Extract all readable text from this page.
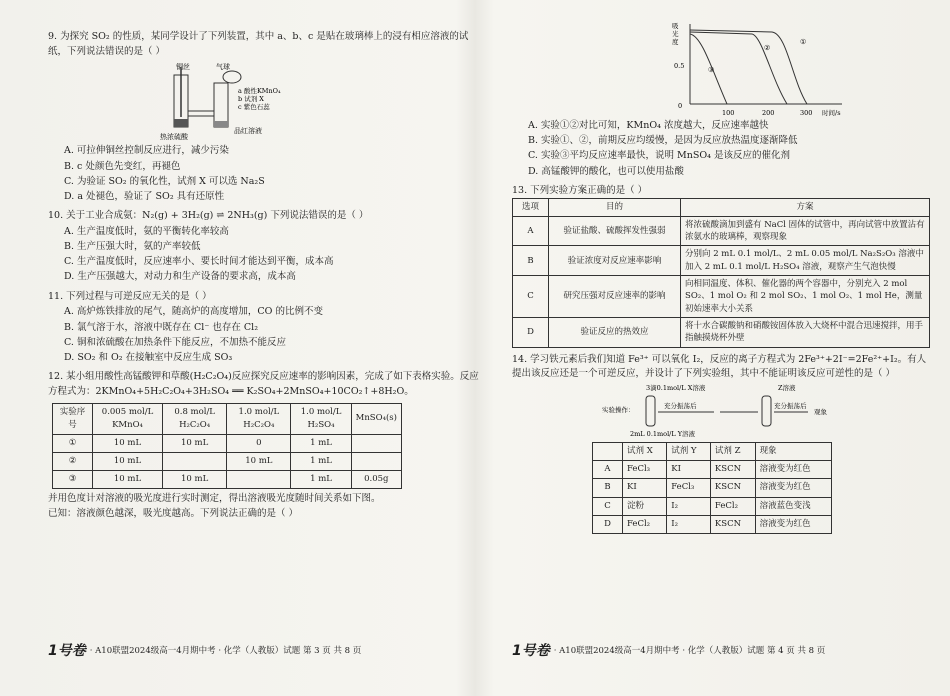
9. 为探究 SO₂ 的性质，某同学设计了下列装置，其中 a、b、c 是贴在玻璃棒上的浸有相应溶液的试纸，下列说法错误的是（ ）
铜丝	气球
a 酸性KMnO₄
b 试剂 X
c 紫色石蕊
热浓硫酸
品红溶液
A. 可拉伸铜丝控制反应进行，减少污染
B. c 处颜色先变红，再褪色
C. 为验证 SO₂ 的氧化性，试剂 X 可以选 Na₂S
D. a 处褪色，验证了 SO₂ 具有还原性
10. 关于工业合成氨：N₂(g) + 3H₂(g) ⇌ 2NH₃(g) 下列说法错误的是（ ）
A. 生产温度低时，氨的平衡转化率较高
B. 生产压强大时，氨的产率较低
C. 生产温度低时，反应速率小、要长时间才能达到平衡，成本高
D. 生产压强越大，对动力和生产设备的要求高，成本高
11. 下列过程与可逆反应无关的是（ ）
A. 高炉炼铁排放的尾气，随高炉的高度增加，CO 的比例不变
B. 氯气溶于水，溶液中既存在 Cl⁻ 也存在 Cl₂
C. 铜和浓硫酸在加热条件下能反应，不加热不能反应
D. SO₂ 和 O₂ 在接触室中反应生成 SO₃
12. 某小组用酸性高锰酸钾和草酸(H₂C₂O₄)反应探究反应速率的影响因素，完成了如下表格实验。反应方程式为：2KMnO₄+5H₂C₂O₄+3H₂SO₄ ══ K₂SO₄+2MnSO₄+10CO₂↑+8H₂O。
实验序号	0.005 mol/L KMnO₄	0.8 mol/L H₂C₂O₄	1.0 mol/L H₂C₂O₄	1.0 mol/L H₂SO₄	MnSO₄(s)
①	10 mL	10 mL	0	1 mL	
②	10 mL		10 mL	1 mL	
③	10 mL	10 mL		1 mL	0.05g
并用色度计对溶液的吸光度进行实时测定，得出溶液吸光度随时间关系如下图。
已知：溶液颜色越深，吸光度越高。下列说法正确的是（ ）
1号卷 · A10联盟2024级高一4月期中考 · 化学（人教版）试题 第 3 页 共 8 页
吸
光
度
0.5
0
③
②
①
100	200	300 时间/s
A. 实验①②对比可知，KMnO₄ 浓度越大，反应速率越快
B. 实验①、②，前期反应均缓慢，是因为反应放热温度逐渐降低
C. 实验③平均反应速率最快，说明 MnSO₄ 是该反应的催化剂
D. 高锰酸钾的酸化，也可以使用盐酸
13. 下列实验方案正确的是（ ）
选项	目的	方案
A	验证盐酸、硫酸挥发性强弱	将浓硫酸滴加到盛有 NaCl 固体的试管中，再向试管中放置沾有浓氨水的玻璃棒，观察现象
B	验证浓度对反应速率影响	分别向 2 mL 0.1 mol/L、2 mL 0.05 mol/L Na₂S₂O₃ 溶液中加入 2 mL 0.1 mol/L H₂SO₄ 溶液，观察产生气泡快慢
C	研究压强对反应速率的影响	向相同温度、体积、催化器的两个容器中，分别充入 2 mol SO₂、1 mol O₂ 和 2 mol SO₂、1 mol O₂、1 mol He，测量初始速率大小关系
D	验证反应的热效应	将十水合碳酸钠和硝酸铵固体放入大烧杯中混合迅速搅拌，用手指触摸烧杯外壁
14. 学习铁元素后我们知道 Fe³⁺ 可以氧化 I₂，反应的离子方程式为 2Fe³⁺+2I⁻=2Fe²⁺+I₂。有人提出该反应还是一个可逆反应，并设计了下列实验组，其中不能证明该反应可逆性的是（ ）
3滴0.1mol/L X溶液	Z溶液
实验操作：	充分振荡后	充分振荡后
观象
2mL 0.1mol/L Y溶液
	试剂 X	试剂 Y	试剂 Z	现象
A	FeCl₃	KI	KSCN	溶液变为红色
B	KI	FeCl₃	KSCN	溶液变为红色
C	淀粉	I₂	FeCl₂	溶液蓝色变浅
D	FeCl₂	I₂	KSCN	溶液变为红色
1号卷 · A10联盟2024级高一4月期中考 · 化学（人教版）试题 第 4 页 共 8 页
